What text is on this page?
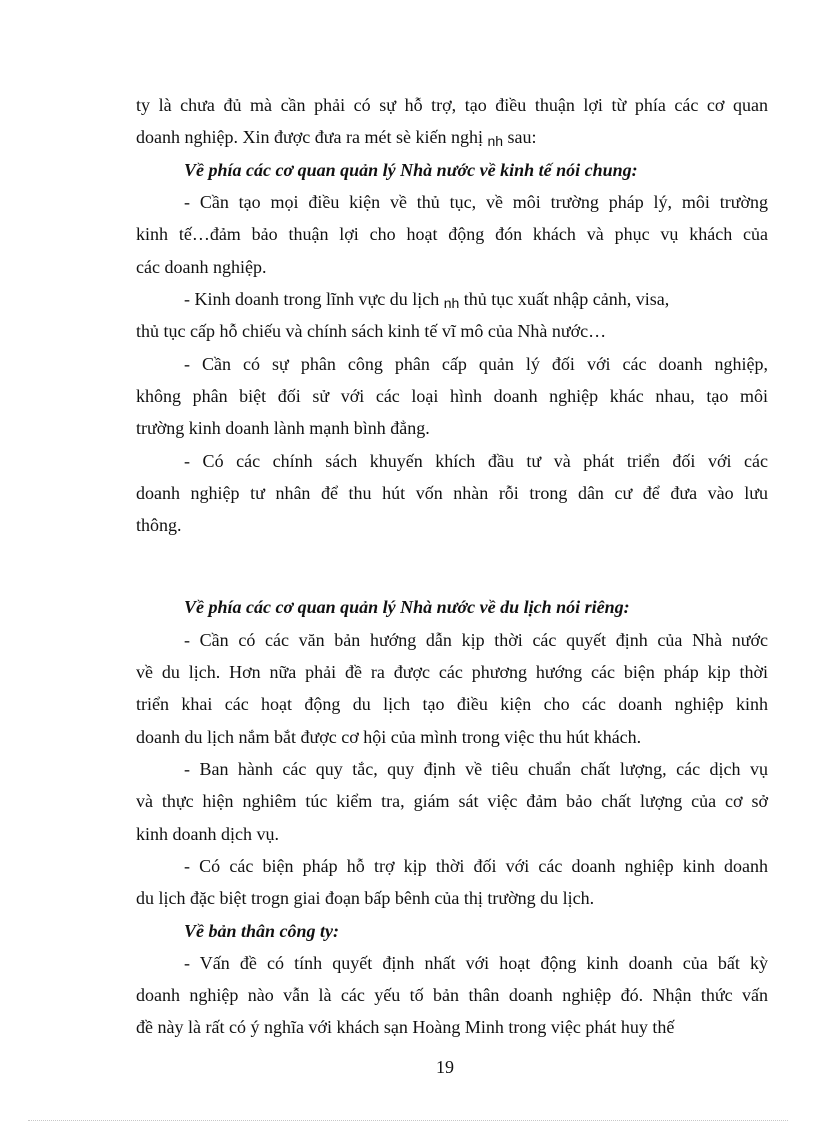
ty là chưa đủ mà cần phải có sự hỗ trợ, tạo điều thuận lợi từ phía các cơ quan
doanh nghiệp. Xin được đưa ra mét sè kiến nghị nh sau:
Về phía các cơ quan quản lý Nhà nước về kinh tế nói chung:
- Cần tạo mọi điều kiện về thủ tục, về môi trường pháp lý, môi trường
kinh tế…đảm bảo thuận lợi cho hoạt động đón khách và phục vụ khách của
các doanh nghiệp.
- Kinh doanh trong lĩnh vực du lịch nh thủ tục xuất nhập cảnh, visa,
thủ tục cấp hỗ chiếu và chính sách kinh tế vĩ mô của Nhà nước…
- Cần có sự phân công phân cấp quản lý đối với các doanh nghiệp,
không phân biệt đối sử với các loại hình doanh nghiệp khác nhau, tạo môi
trường kinh doanh lành mạnh bình đẳng.
- Có các chính sách khuyến khích đầu tư và phát triển đối với các
doanh nghiệp tư nhân để thu hút vốn nhàn rỗi trong dân cư để đưa vào lưu
thông.
Về phía các cơ quan quản lý Nhà nước về du lịch nói riêng:
- Cần có các văn bản hướng dẫn kịp thời các quyết định của Nhà nước
về du lịch. Hơn nữa phải đề ra được các phương hướng các biện pháp kịp thời
triển khai các hoạt động du lịch tạo điều kiện cho các doanh nghiệp kinh
doanh du lịch nắm bắt được cơ hội của mình trong việc thu hút khách.
- Ban hành các quy tắc, quy định về tiêu chuẩn chất lượng, các dịch vụ
và thực hiện nghiêm túc kiểm tra, giám sát việc đảm bảo chất lượng của cơ sở
kinh doanh dịch vụ.
- Có các biện pháp hỗ trợ kịp thời đối với các doanh nghiệp kinh doanh
du lịch đặc biệt trogn giai đoạn bấp bênh của thị trường du lịch.
Về bản thân công ty:
- Vấn đề có tính quyết định nhất với hoạt động kinh doanh của bất kỳ
doanh nghiệp nào vẫn là các yếu tố bản thân doanh nghiệp đó. Nhận thức vấn
đề này là rất có ý nghĩa với khách sạn Hoàng Minh trong việc phát huy thế
19
